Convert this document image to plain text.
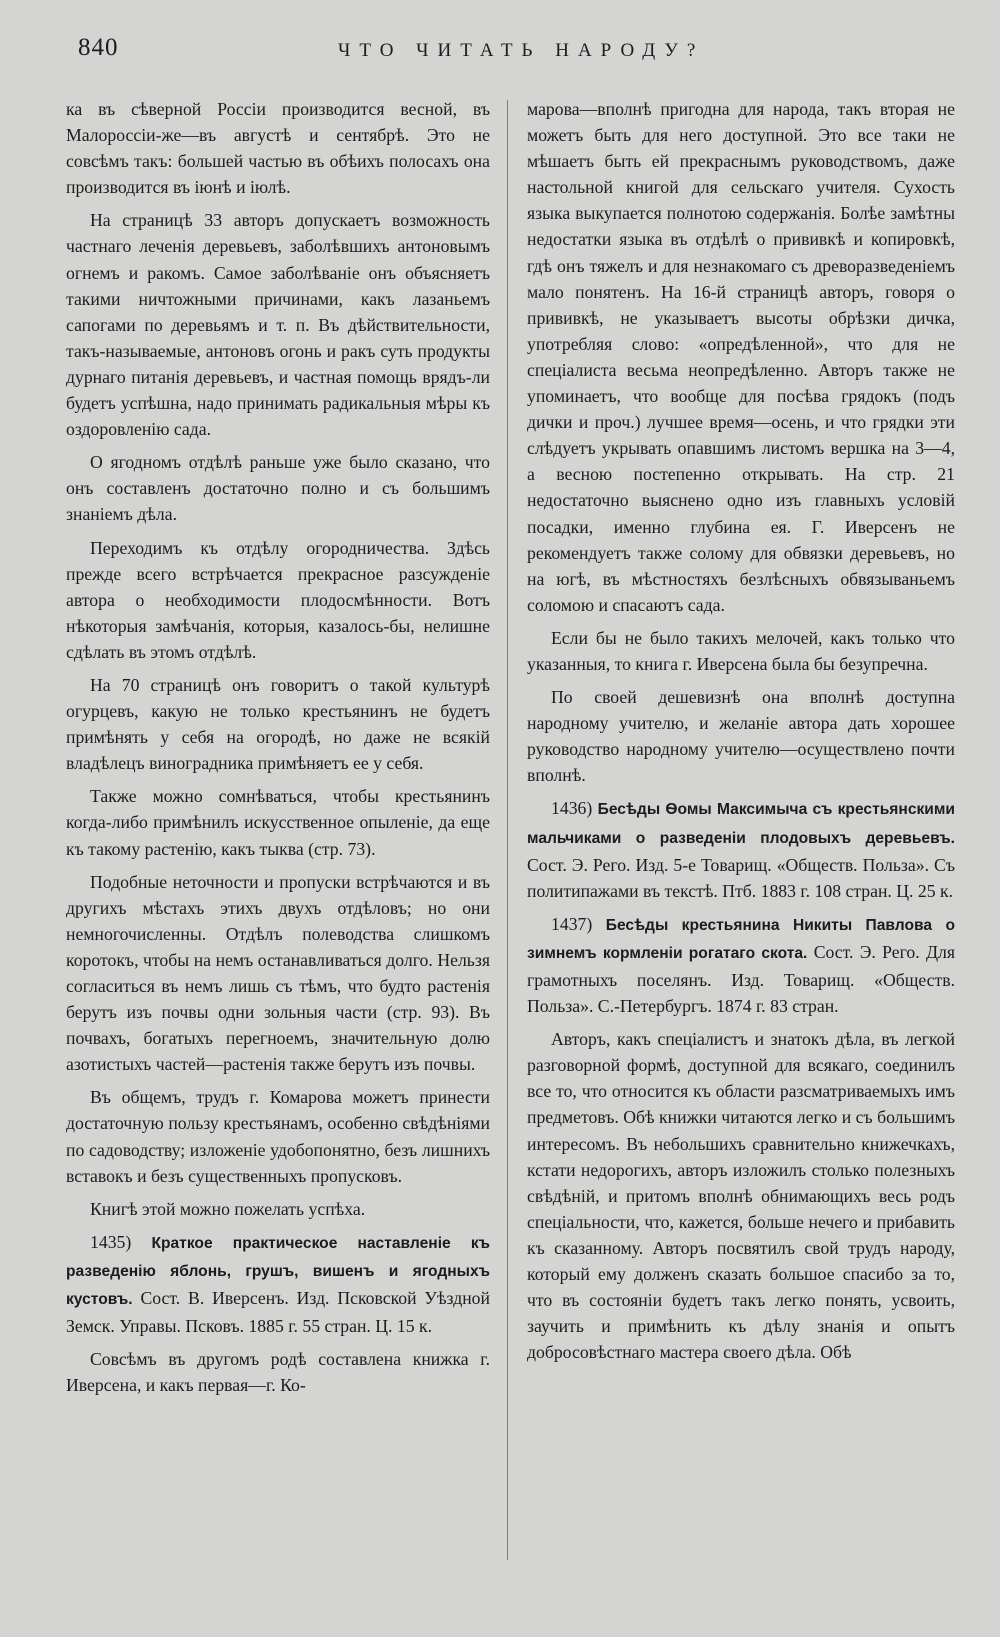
840	ЧТО ЧИТАТЬ НАРОДУ?

ка въ сѣверной Россіи производится весной, въ Малороссіи-же—въ августѣ и сентябрѣ. Это не совсѣмъ такъ: большей частью въ обѣихъ полосахъ она производится въ іюнѣ и іюлѣ.

На страницѣ 33 авторъ допускаетъ возможность частнаго леченія деревьевъ, заболѣвшихъ антоновымъ огнемъ и ракомъ. Самое заболѣваніе онъ объясняетъ такими ничтожными причинами, какъ лазаньемъ сапогами по деревьямъ и т. п. Въ дѣйствительности, такъ-называемые, антоновъ огонь и ракъ суть продукты дурнаго питанія деревьевъ, и частная помощь врядъ-ли будетъ успѣшна, надо принимать радикальныя мѣры къ оздоровленію сада.

О ягодномъ отдѣлѣ раньше уже было сказано, что онъ составленъ достаточно полно и съ большимъ знаніемъ дѣла.

Переходимъ къ отдѣлу огородничества. Здѣсь прежде всего встрѣчается прекрасное разсужденіе автора о необходимости плодосмѣнности. Вотъ нѣкоторыя замѣчанія, которыя, казалось-бы, нелишне сдѣлать въ этомъ отдѣлѣ.

На 70 страницѣ онъ говоритъ о такой культурѣ огурцевъ, какую не только крестьянинъ не будетъ примѣнять у себя на огородѣ, но даже не всякій владѣлецъ виноградника примѣняетъ ее у себя.

Также можно сомнѣваться, чтобы крестьянинъ когда-либо примѣнилъ искусственное опыленіе, да еще къ такому растенію, какъ тыква (стр. 73).

Подобные неточности и пропуски встрѣчаются и въ другихъ мѣстахъ этихъ двухъ отдѣловъ; но они немногочисленны. Отдѣлъ полеводства слишкомъ коротокъ, чтобы на немъ останавливаться долго. Нельзя согласиться въ немъ лишь съ тѣмъ, что будто растенія берутъ изъ почвы одни зольныя части (стр. 93). Въ почвахъ, богатыхъ перегноемъ, значительную долю азотистыхъ частей—растенія также берутъ изъ почвы.

Въ общемъ, трудъ г. Комарова можетъ принести достаточную пользу крестьянамъ, особенно свѣдѣніями по садоводству; изложеніе удобопонятно, безъ лишнихъ вставокъ и безъ существенныхъ пропусковъ.

Книгѣ этой можно пожелать успѣха.

1435) Краткое практическое наставленіе къ разведенію яблонь, грушъ, вишенъ и ягодныхъ кустовъ. Сост. В. Иверсенъ. Изд. Псковской Уѣздной Земск. Управы. Псковъ. 1885 г. 55 стран. Ц. 15 к.

Совсѣмъ въ другомъ родѣ составлена книжка г. Иверсена, и какъ первая—г. Ко-

марова—вполнѣ пригодна для народа, такъ вторая не можетъ быть для него доступной. Это все таки не мѣшаетъ быть ей прекраснымъ руководствомъ, даже настольной книгой для сельскаго учителя. Сухость языка выкупается полнотою содержанія. Болѣе замѣтны недостатки языка въ отдѣлѣ о прививкѣ и копировкѣ, гдѣ онъ тяжелъ и для незнакомаго съ древоразведеніемъ мало понятенъ. На 16-й страницѣ авторъ, говоря о прививкѣ, не указываетъ высоты обрѣзки дичка, употребляя слово: «опредѣленной», что для не спеціалиста весьма неопредѣленно. Авторъ также не упоминаетъ, что вообще для посѣва грядокъ (подъ дички и проч.) лучшее время—осень, и что грядки эти слѣдуетъ укрывать опавшимъ листомъ вершка на 3—4, а весною постепенно открывать. На стр. 21 недостаточно выяснено одно изъ главныхъ условій посадки, именно глубина ея. Г. Иверсенъ не рекомендуетъ также солому для обвязки деревьевъ, но на югѣ, въ мѣстностяхъ безлѣсныхъ обвязываньемъ соломою и спасаютъ сада.

Если бы не было такихъ мелочей, какъ только что указанныя, то книга г. Иверсена была бы безупречна.

По своей дешевизнѣ она вполнѣ доступна народному учителю, и желаніе автора дать хорошее руководство народному учителю—осуществлено почти вполнѣ.

1436) Бесѣды Ѳомы Максимыча съ крестьянскими мальчиками о разведеніи плодовыхъ деревьевъ. Сост. Э. Рего. Изд. 5-е Товарищ. «Обществ. Польза». Съ политипажами въ текстѣ. Птб. 1883 г. 108 стран. Ц. 25 к.

1437) Бесѣды крестьянина Никиты Павлова о зимнемъ кормленіи рогатаго скота. Сост. Э. Рего. Для грамотныхъ поселянъ. Изд. Товарищ. «Обществ. Польза». С.-Петербургъ. 1874 г. 83 стран.

Авторъ, какъ спеціалистъ и знатокъ дѣла, въ легкой разговорной формѣ, доступной для всякаго, соединилъ все то, что относится къ области разсматриваемыхъ имъ предметовъ. Обѣ книжки читаются легко и съ большимъ интересомъ. Въ небольшихъ сравнительно книжечкахъ, кстати недорогихъ, авторъ изложилъ столько полезныхъ свѣдѣній, и притомъ вполнѣ обнимающихъ весь родъ спеціальности, что, кажется, больше нечего и прибавить къ сказанному. Авторъ посвятилъ свой трудъ народу, который ему долженъ сказать большое спасибо за то, что въ состояніи будетъ такъ легко понять, усвоить, заучить и примѣнить къ дѣлу знанія и опытъ добросовѣстнаго мастера своего дѣла. Обѣ
